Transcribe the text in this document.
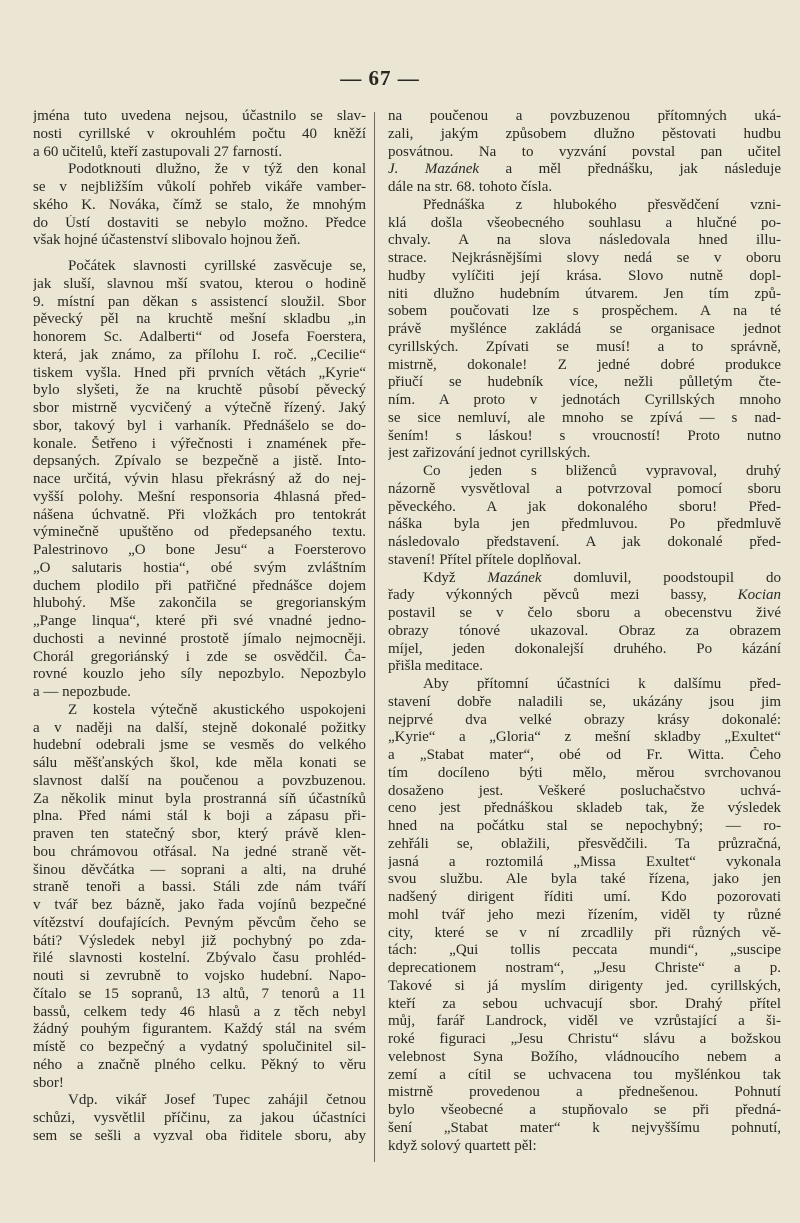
— 67 —
jména tuto uvedena nejsou, účastnilo se slav-
nosti cyrillské v okrouhlém počtu 40 kněží
a 60 učitelů, kteří zastupovali 27 farností.
Podotknouti dlužno, že v týž den konal
se v nejbližším vůkolí pohřeb vikáře vamber-
ského K. Nováka, čímž se stalo, že mnohým
do Ústí dostaviti se nebylo možno. Předce
však hojné účastenství slibovalo hojnou žeň.
Počátek slavnosti cyrillské zasvěcuje se,
jak sluší, slavnou mší svatou, kterou o hodině
9. místní pan děkan s assistencí sloužil. Sbor
pěvecký pěl na kruchtě mešní skladbu „in
honorem Sc. Adalberti“ od Josefa Foerstera,
která, jak známo, za přílohu I. roč. „Cecilie“
tiskem vyšla. Hned při prvních větách „Kyrie“
bylo slyšeti, že na kruchtě působí pěvecký
sbor mistrně vycvičený a výtečně řízený. Jaký
sbor, takový byl i varhaník. Přednášelo se do-
konale. Šetřeno i výřečnosti i znamének pře-
depsaných. Zpívalo se bezpečně a jistě. Into-
nace určitá, vývin hlasu překrásný až do nej-
vyšší polohy. Mešní responsoria 4hlasná před-
nášena úchvatně. Při vložkách pro tentokrát
výminečně upuštěno od předepsaného textu.
Palestrinovo „O bone Jesu“ a Foersterovo
„O salutaris hostia“, obé svým zvláštním
duchem plodilo při patřičné přednášce dojem
hlubohý. Mše zakončila se gregorianským
„Pange linqua“, které při své vnadné jedno-
duchosti a nevinné prostotě jímalo nejmocněji.
Chorál gregoriánský i zde se osvědčil. Ča-
rovné kouzlo jeho síly nepozbylo. Nepozbylo
a — nepozbude.
Z kostela výtečně akustického uspokojeni
a v naději na další, stejně dokonalé požitky
hudební odebrali jsme se vesměs do velkého
sálu měšťanských škol, kde měla konati se
slavnost další na poučenou a povzbuzenou.
Za několik minut byla prostranná síň účastníků
plna. Před námi stál k boji a zápasu při-
praven ten statečný sbor, který právě klen-
bou chrámovou otřásal. Na jedné straně vět-
šinou děvčátka — soprani a alti, na druhé
straně tenoři a bassi. Stáli zde nám tváří
v tvář bez bázně, jako řada vojínů bezpečné
vítězství doufajících. Pevným pěvcům čeho se
báti? Výsledek nebyl již pochybný po zda-
řilé slavnosti kostelní. Zbývalo času prohléd-
nouti si zevrubně to vojsko hudební. Napo-
čítalo se 15 sopranů, 13 altů, 7 tenorů a 11
bassů, celkem tedy 46 hlasů a z těch nebyl
žádný pouhým figurantem. Každý stál na svém
místě co bezpečný a vydatný spolučinitel sil-
ného a značně plného celku. Pěkný to věru
sbor!
Vdp. vikář Josef Tupec zahájil četnou
schůzi, vysvětlil příčinu, za jakou účastníci
sem se sešli a vyzval oba řiditele sboru, aby
na poučenou a povzbuzenou přítomných uká-
zali, jakým způsobem dlužno pěstovati hudbu
posvátnou. Na to vyzvání povstal pan učitel
J. Mazánek a měl přednášku, jak následuje
dále na str. 68. tohoto čísla.
Přednáška z hlubokého přesvědčení vzni-
klá došla všeobecného souhlasu a hlučné po-
chvaly. A na slova následovala hned illu-
strace. Nejkrásnějšími slovy nedá se v oboru
hudby vylíčiti její krása. Slovo nutně dopl-
niti dlužno hudebním útvarem. Jen tím způ-
sobem poučovati lze s prospěchem. A na té
právě myšlénce zakládá se organisace jednot
cyrillských. Zpívati se musí! a to správně,
mistrně, dokonale! Z jedné dobré produkce
přiučí se hudebník více, nežli půlletým čte-
ním. A proto v jednotách Cyrillských mnoho
se sice nemluví, ale mnoho se zpívá — s nad-
šením! s láskou! s vroucností! Proto nutno
jest zařizování jednot cyrillských.
Co jeden s bliženců vypravoval, druhý
názorně vysvětloval a potvrzoval pomocí sboru
pěveckého. A jak dokonalého sboru! Před-
náška byla jen předmluvou. Po předmluvě
následovalo představení. A jak dokonalé před-
stavení! Přítel přítele doplňoval.
Když Mazánek domluvil, poodstoupil do
řady výkonných pěvců mezi bassy, Kocian
postavil se v čelo sboru a obecenstvu živé
obrazy tónové ukazoval. Obraz za obrazem
míjel, jeden dokonalejší druhého. Po kázání
přišla meditace.
Aby přítomní účastníci k dalšímu před-
stavení dobře naladili se, ukázány jsou jim
nejprvé dva velké obrazy krásy dokonalé:
„Kyrie“ a „Gloria“ z mešní skladby „Exultet“
a „Stabat mater“, obé od Fr. Witta. Čeho
tím docíleno býti mělo, měrou svrchovanou
dosaženo jest. Veškeré posluchačstvo uchvá-
ceno jest přednáškou skladeb tak, že výsledek
hned na počátku stal se nepochybný; — ro-
zehřáli se, oblažili, přesvědčili. Ta průzračná,
jasná a roztomilá „Missa Exultet“ vykonala
svou službu. Ale byla také řízena, jako jen
nadšený dirigent říditi umí. Kdo pozorovati
mohl tvář jeho mezi řízením, viděl ty různé
city, které se v ní zrcadlily při různých vě-
tách: „Qui tollis peccata mundi“, „suscipe
deprecationem nostram“, „Jesu Christe“ a p.
Takové si já myslím dirigenty jed. cyrillských,
kteří za sebou uchvacují sbor. Drahý přítel
můj, farář Landrock, viděl ve vzrůstající a ši-
roké figuraci „Jesu Christu“ slávu a božskou
velebnost Syna Božího, vládnoucího nebem a
zemí a cítil se uchvacena tou myšlénkou tak
mistrně provedenou a přednešenou. Pohnutí
bylo všeobecné a stupňovalo se při předná-
šení „Stabat mater“ k nejvyššímu pohnutí,
když solový quartett pěl:
